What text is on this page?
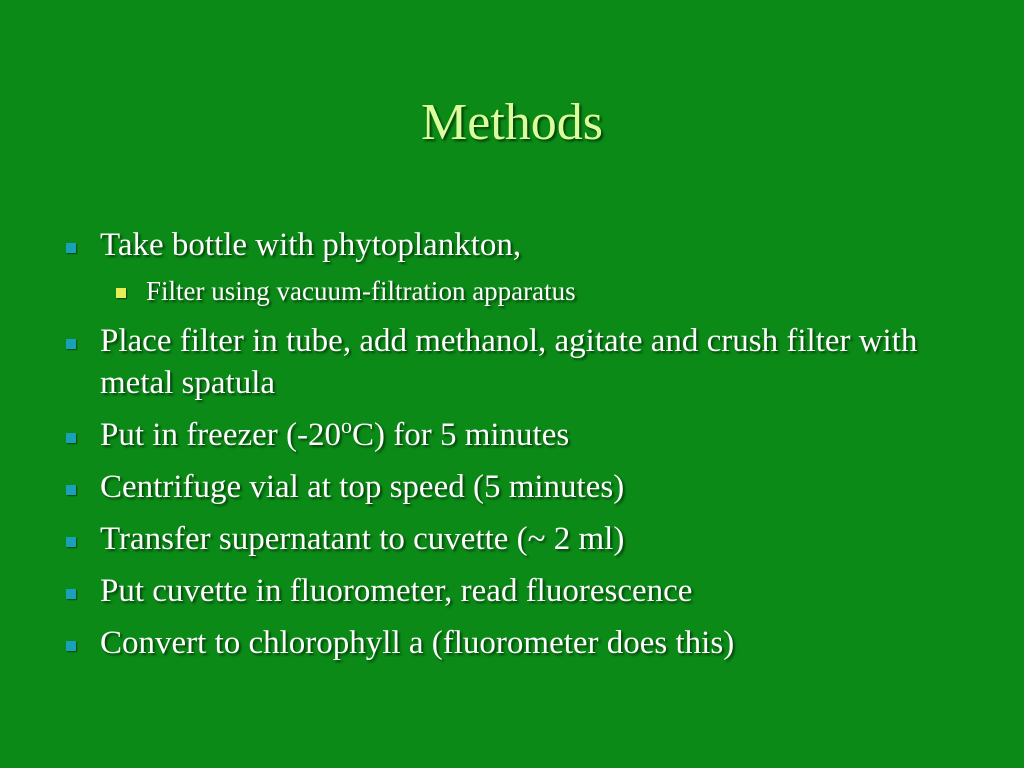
Methods
Take bottle with phytoplankton,
Filter using vacuum-filtration apparatus
Place filter in tube, add methanol, agitate and crush filter with metal spatula
Put in freezer (-20$^o$C) for 5 minutes
Centrifuge vial at top speed (5 minutes)
Transfer supernatant to cuvette (~ 2 ml)
Put cuvette in fluorometer, read fluorescence
Convert to chlorophyll a (fluorometer does this)
